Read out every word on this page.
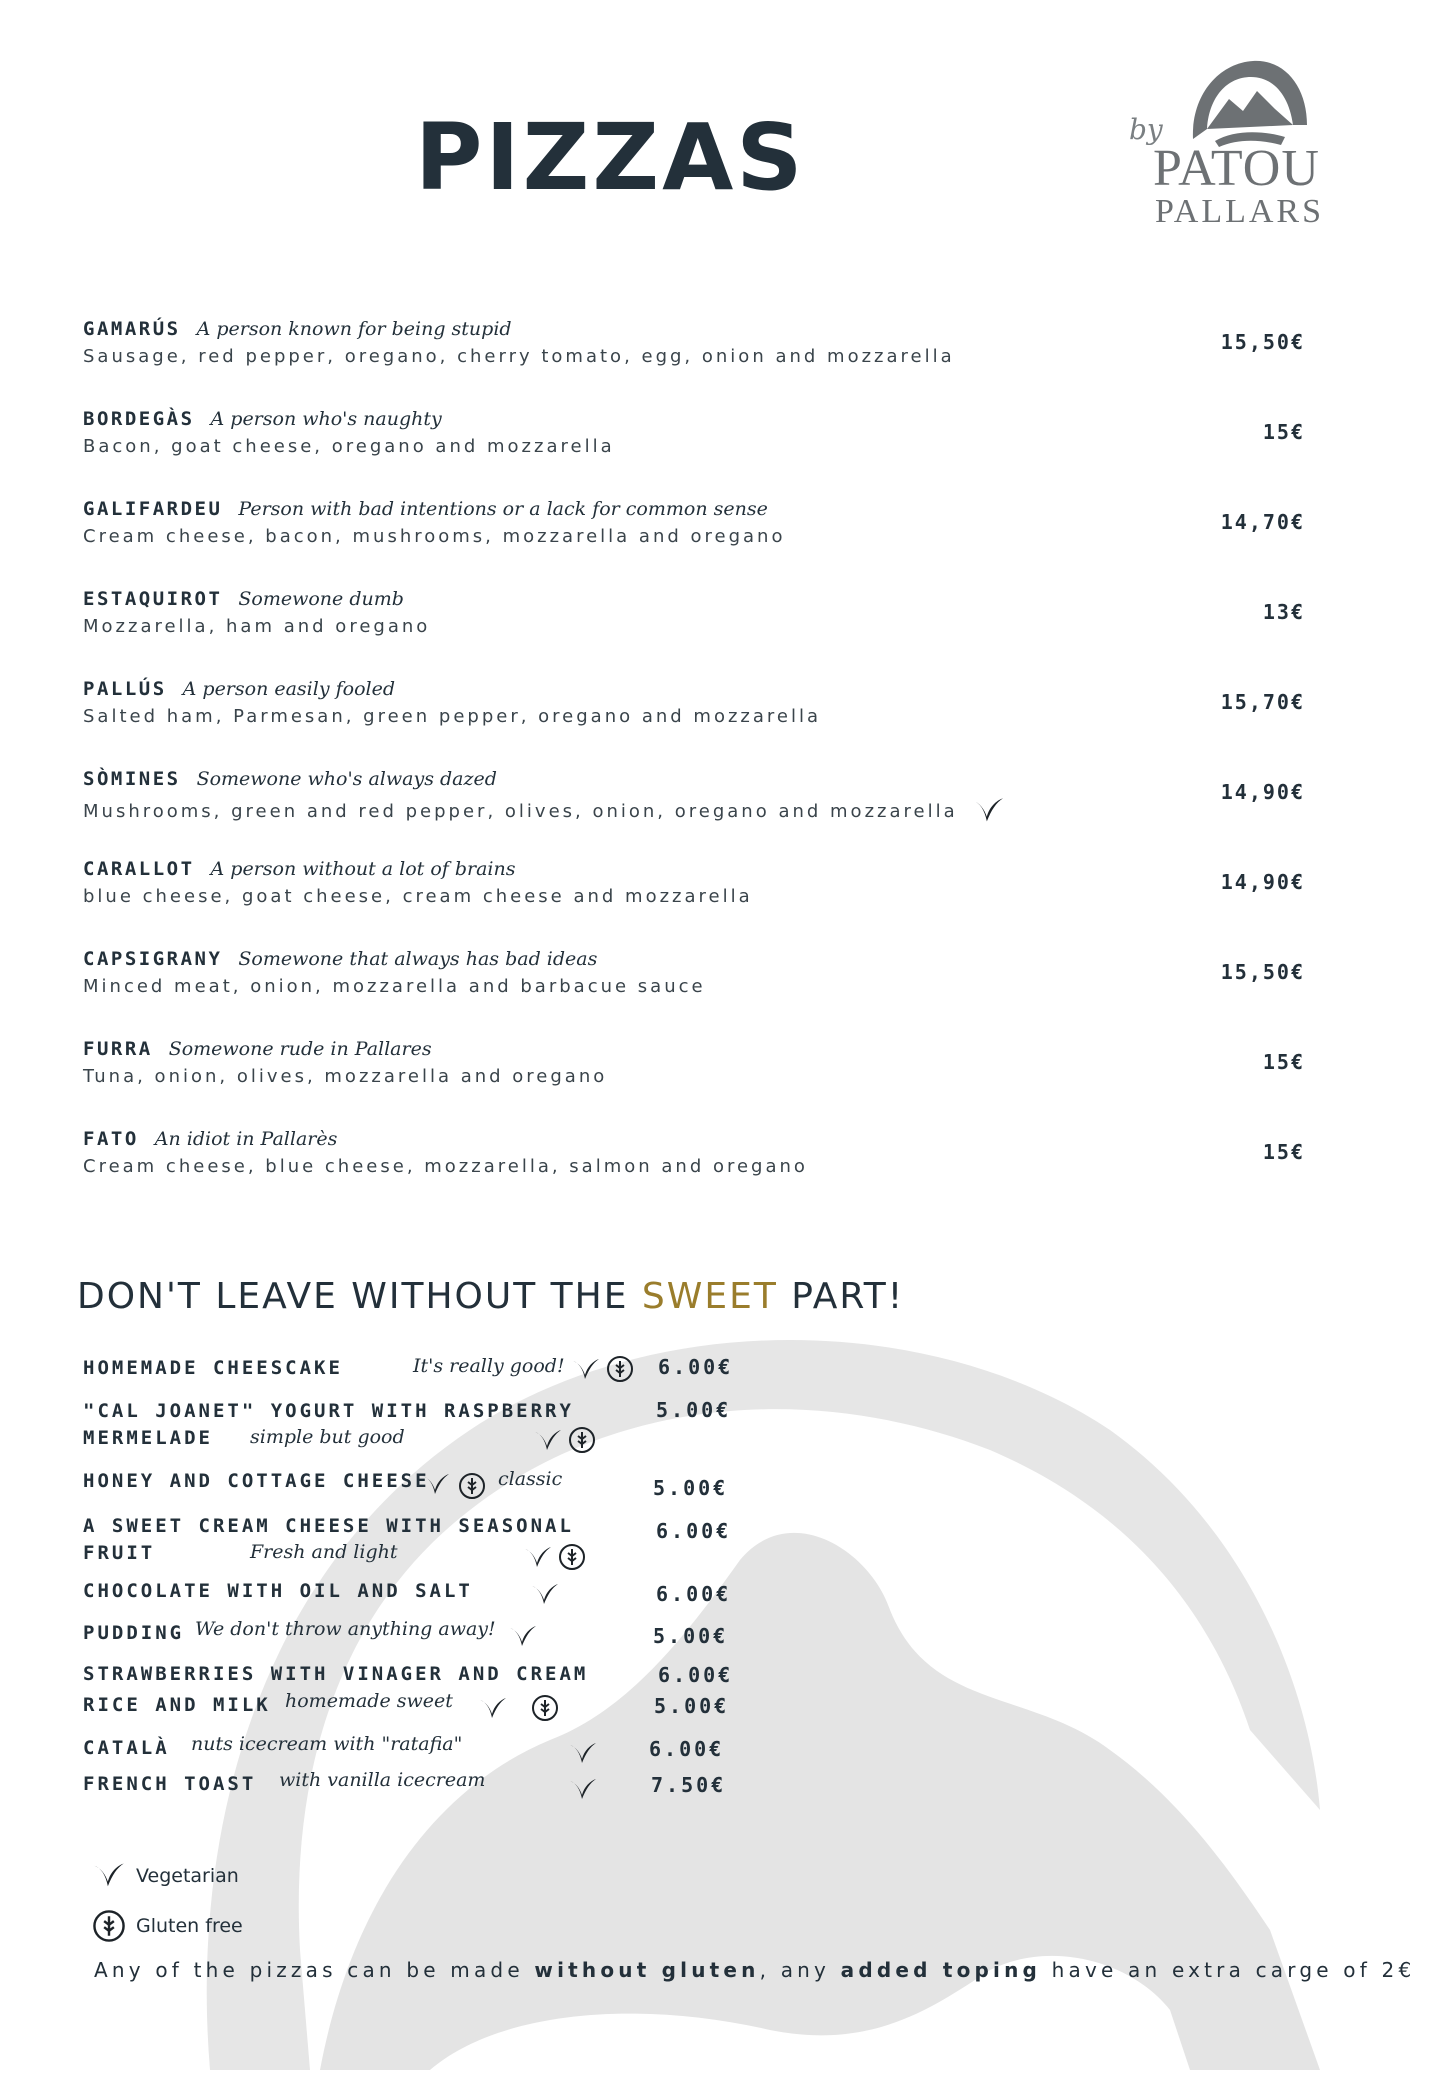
PIZZAS	by
PATOU
PALLARS
GAMARÚS A person known for being stupid
Sausage, red pepper, oregano, cherry tomato, egg, onion and mozzarella
15,50€
BORDEGÀS A person who's naughty
Bacon, goat cheese, oregano and mozzarella
15€
GALIFARDEU Person with bad intentions or a lack for common sense
Cream cheese, bacon, mushrooms, mozzarella and oregano
14,70€
ESTAQUIROT Somewone dumb
Mozzarella, ham and oregano
13€
PALLÚS A person easily fooled
Salted ham, Parmesan, green pepper, oregano and mozzarella
15,70€
SÒMINES Somewone who's always dazed
Mushrooms, green and red pepper, olives, onion, oregano and mozzarella
14,90€
CARALLOT A person without a lot of brains
blue cheese, goat cheese, cream cheese and mozzarella
14,90€
CAPSIGRANY Somewone that always has bad ideas
Minced meat, onion, mozzarella and barbacue sauce
15,50€
FURRA Somewone rude in Pallares
Tuna, onion, olives, mozzarella and oregano
15€
FATO An idiot in Pallarès
Cream cheese, blue cheese, mozzarella, salmon and oregano
15€
DON'T LEAVE WITHOUT THE SWEET PART!
HOMEMADE CHEESCAKE	It's really good!	6.00€
"CAL JOANET" YOGURT WITH RASPBERRY
MERMELADE	simple but good
5.00€
HONEY AND COTTAGE CHEESE	classic	5.00€
A SWEET CREAM CHEESE WITH SEASONAL
FRUIT	Fresh and light
6.00€
CHOCOLATE WITH OIL AND SALT	6.00€
PUDDING We don't throw anything away!	5.00€
STRAWBERRIES WITH VINAGER AND CREAM	6.00€
RICE AND MILK homemade sweet	5.00€
CATALÀ nuts icecream with "ratafia"	6.00€
FRENCH TOAST with vanilla icecream	7.50€
Vegetarian
Gluten free

Any of the pizzas can be made without gluten, any added toping have an extra carge of 2€
